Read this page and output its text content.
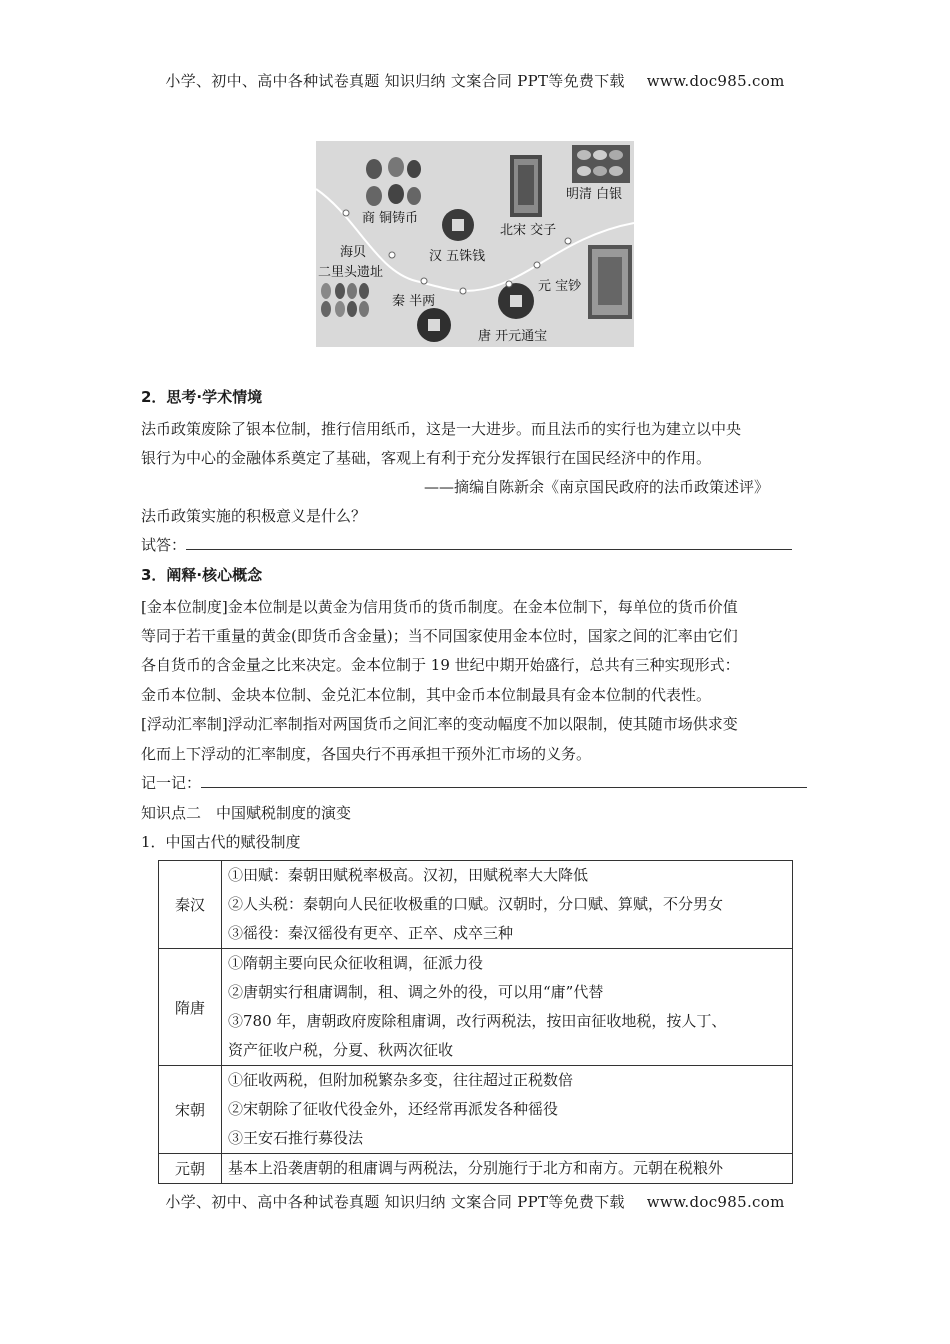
小学、初中、高中各种试卷真题 知识归纳 文案合同 PPT等免费下载 www.doc985.com
商 铜铸币
海贝
二里头遗址
秦 半两
汉 五铢钱
唐 开元通宝
北宋 交子
元 宝钞
明清 白银
2．思考·学术情境
法币政策废除了银本位制，推行信用纸币，这是一大进步。而且法币的实行也为建立以中央
银行为中心的金融体系奠定了基础，客观上有利于充分发挥银行在国民经济中的作用。
——摘编自陈新余《南京国民政府的法币政策述评》
法币政策实施的积极意义是什么？
试答：
3．阐释·核心概念
[金本位制度]金本位制是以黄金为信用货币的货币制度。在金本位制下，每单位的货币价值
等同于若干重量的黄金(即货币含金量)；当不同国家使用金本位时，国家之间的汇率由它们
各自货币的含金量之比来决定。金本位制于 19 世纪中期开始盛行，总共有三种实现形式：
金币本位制、金块本位制、金兑汇本位制，其中金币本位制最具有金本位制的代表性。
[浮动汇率制]浮动汇率制指对两国货币之间汇率的变动幅度不加以限制，使其随市场供求变
化而上下浮动的汇率制度，各国央行不再承担干预外汇市场的义务。
记一记：
知识点二　中国赋税制度的演变
1．中国古代的赋役制度
秦汉	①田赋：秦朝田赋税率极高。汉初，田赋税率大大降低
②人头税：秦朝向人民征收极重的口赋。汉朝时，分口赋、算赋，不分男女
③徭役：秦汉徭役有更卒、正卒、戍卒三种

隋唐	①隋朝主要向民众征收租调，征派力役
②唐朝实行租庸调制，租、调之外的役，可以用“庸”代替
③780 年，唐朝政府废除租庸调，改行两税法，按田亩征收地税，按人丁、
资产征收户税，分夏、秋两次征收

宋朝	①征收两税，但附加税繁杂多变，往往超过正税数倍
②宋朝除了征收代役金外，还经常再派发各种徭役
③王安石推行募役法

元朝	基本上沿袭唐朝的租庸调与两税法，分别施行于北方和南方。元朝在税粮外
小学、初中、高中各种试卷真题 知识归纳 文案合同 PPT等免费下载 www.doc985.com
